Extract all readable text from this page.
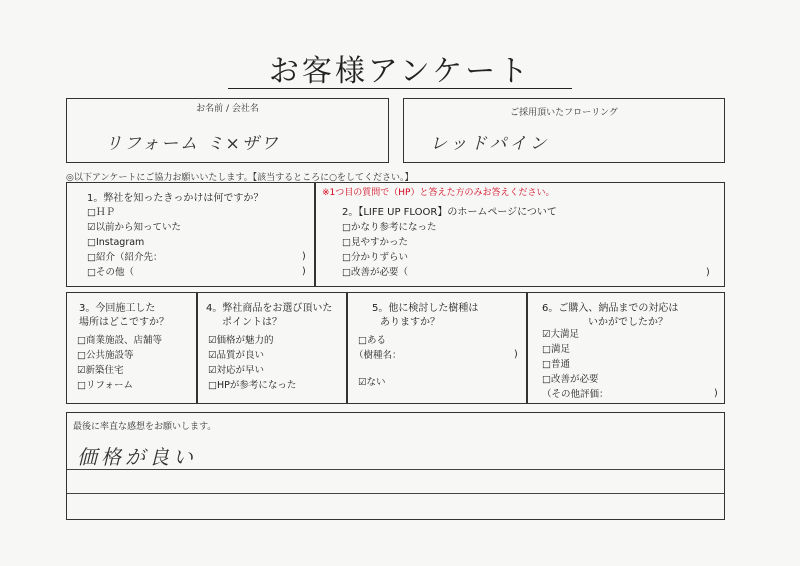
お客様アンケート
お名前 / 会社名
リフォーム ミ×ザワ
ご採用頂いたフローリング
レッドパイン
◎以下アンケートにご協力お願いいたします。【該当するところに○をしてください。】
1。弊社を知ったきっかけは何ですか？
□ＨＰ
☑以前から知っていた
□Instagram
□紹介（紹介先：	)
□その他（	)
※1つ目の質問で（HP）と答えた方のみお答えください。
2。【LIFE UP FLOOR】のホームページについて
□かなり参考になった
□見やすかった
□分かりずらい
□改善が必要（	)
3。今回施工した
場所はどこですか？
□商業施設、店舗等
□公共施設等
☑新築住宅
□リフォーム
4。弊社商品をお選び頂いた
ポイントは？
☑価格が魅力的
☑品質が良い
☑対応が早い
□HPが参考になった
5。他に検討した樹種は
ありますか？
□ある
（樹種名：	)
☑ない
6。ご購入、納品までの対応は
いかがでしたか？
☑大満足
□満足
□普通
□改善が必要
（その他評価：	)
最後に率直な感想をお願いします。
価格が良い
